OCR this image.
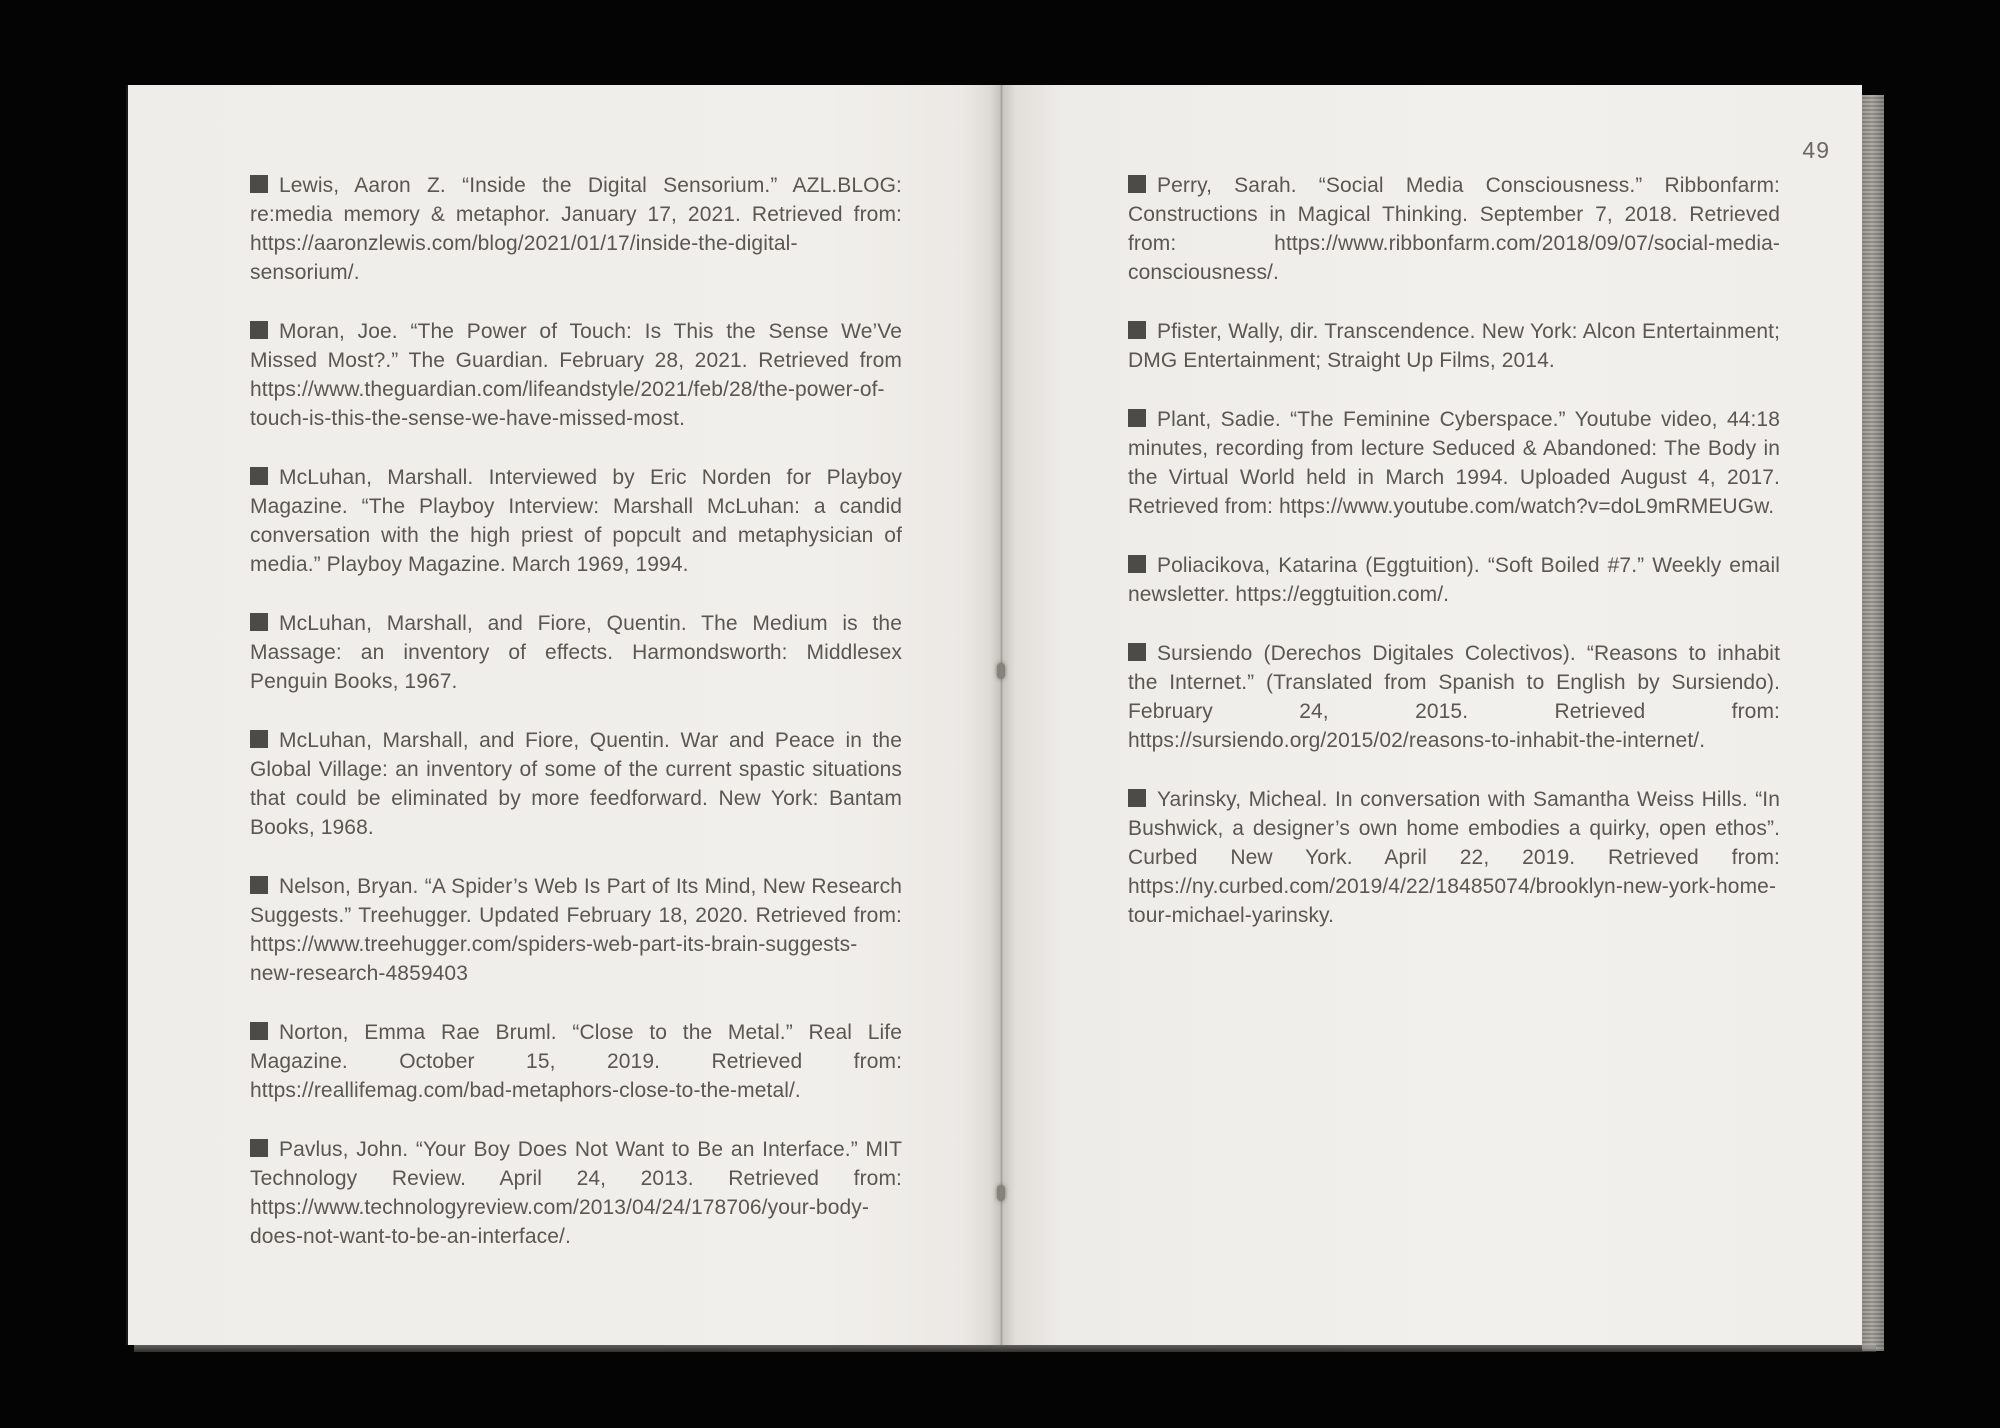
Lewis, Aaron Z. “Inside the Digital Sensorium.” AZL.BLOG: re:media memory & metaphor. January 17, 2021. Retrieved from: https://aaronzlewis.com/blog/2021/01/17/inside-the-digital-sensorium/.

Moran, Joe. “The Power of Touch: Is This the Sense We’Ve Missed Most?.” The Guardian. February 28, 2021. Retrieved from https://www.theguardian.com/lifeandstyle/2021/feb/28/the-power-of-touch-is-this-the-sense-we-have-missed-most.

McLuhan, Marshall. Interviewed by Eric Norden for Playboy Magazine. “The Playboy Interview: Marshall McLuhan: a candid conversation with the high priest of popcult and metaphysician of media.” Playboy Magazine. March 1969, 1994.

McLuhan, Marshall, and Fiore, Quentin. The Medium is the Massage: an inventory of effects. Harmondsworth: Middlesex Penguin Books, 1967.

McLuhan, Marshall, and Fiore, Quentin. War and Peace in the Global Village: an inventory of some of the current spastic situations that could be eliminated by more feedforward. New York: Bantam Books, 1968.

Nelson, Bryan. “A Spider’s Web Is Part of Its Mind, New Research Suggests.” Treehugger. Updated February 18, 2020. Retrieved from: https://www.treehugger.com/spiders-web-part-its-brain-suggests-new-research-4859403

Norton, Emma Rae Bruml. “Close to the Metal.” Real Life Magazine. October 15, 2019. Retrieved from: https://reallifemag.com/bad-metaphors-close-to-the-metal/.

Pavlus, John. “Your Boy Does Not Want to Be an Interface.” MIT Technology Review. April 24, 2013. Retrieved from: https://www.technologyreview.com/2013/04/24/178706/your-body-does-not-want-to-be-an-interface/.

49

Perry, Sarah. “Social Media Consciousness.” Ribbonfarm: Constructions in Magical Thinking. September 7, 2018. Retrieved from: https://www.ribbonfarm.com/2018/09/07/social-media-consciousness/.

Pfister, Wally, dir. Transcendence. New York: Alcon Entertainment; DMG Entertainment; Straight Up Films, 2014.

Plant, Sadie. “The Feminine Cyberspace.” Youtube video, 44:18 minutes, recording from lecture Seduced & Abandoned: The Body in the Virtual World held in March 1994. Uploaded August 4, 2017. Retrieved from: https://www.youtube.com/watch?v=doL9mRMEUGw.

Poliacikova, Katarina (Eggtuition). “Soft Boiled #7.” Weekly email newsletter. https://eggtuition.com/.

Sursiendo (Derechos Digitales Colectivos). “Reasons to inhabit the Internet.” (Translated from Spanish to English by Sursiendo). February 24, 2015. Retrieved from: https://sursiendo.org/2015/02/reasons-to-inhabit-the-internet/.

Yarinsky, Micheal. In conversation with Samantha Weiss Hills. “In Bushwick, a designer’s own home embodies a quirky, open ethos”. Curbed New York. April 22, 2019. Retrieved from: https://ny.curbed.com/2019/4/22/18485074/brooklyn-new-york-home-tour-michael-yarinsky.
